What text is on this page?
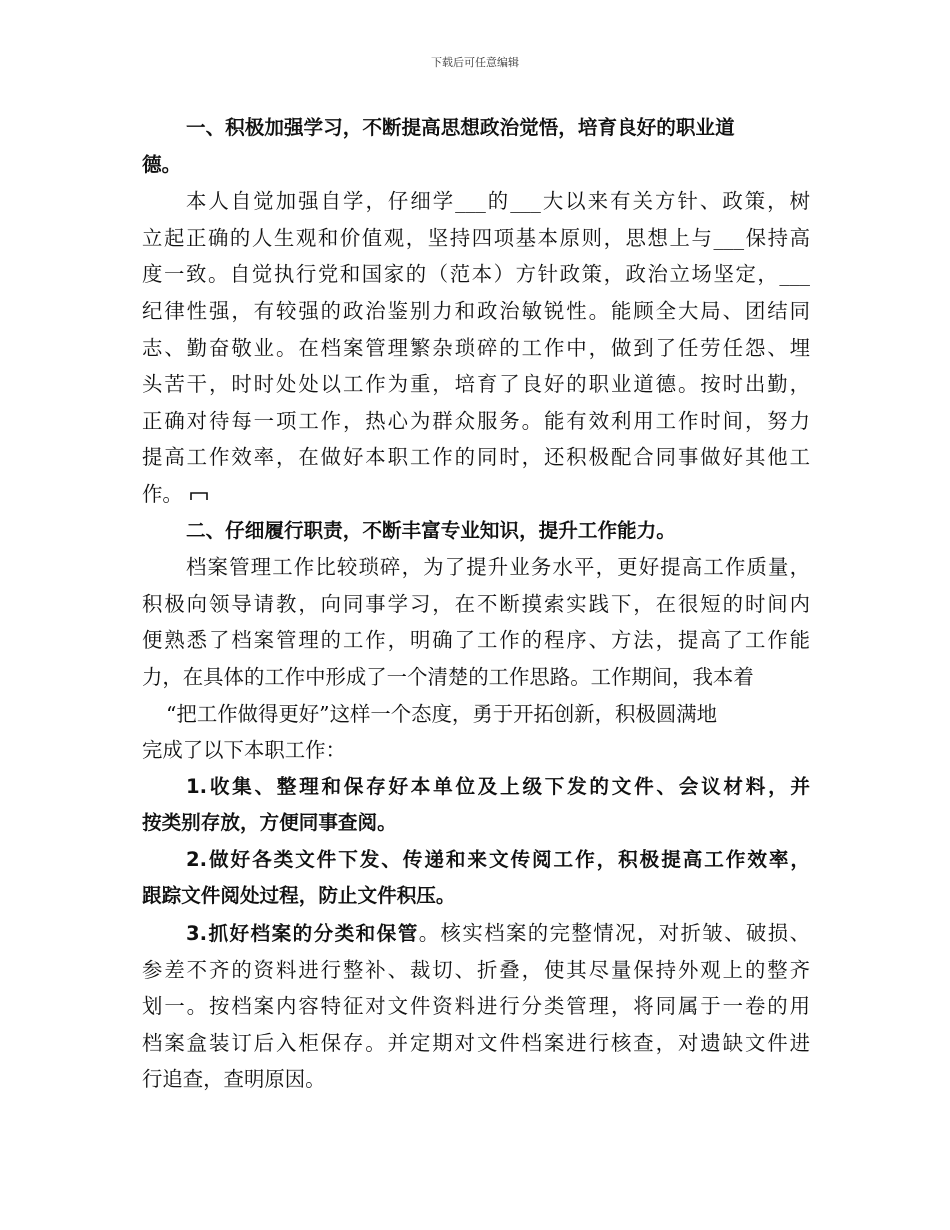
下载后可任意编辑
一、积极加强学习，不断提高思想政治觉悟，培育良好的职业道
德。
本人自觉加强自学，仔细学___的___大以来有关方针、政策，树
立起正确的人生观和价值观，坚持四项基本原则，思想上与___保持高
度一致。自觉执行党和国家的（范本）方针政策，政治立场坚定，___
纪律性强，有较强的政治鉴别力和政治敏锐性。能顾全大局、团结同
志、勤奋敬业。在档案管理繁杂琐碎的工作中，做到了任劳任怨、埋
头苦干，时时处处以工作为重，培育了良好的职业道德。按时出勤，
正确对待每一项工作，热心为群众服务。能有效利用工作时间，努力
提高工作效率，在做好本职工作的同时，还积极配合同事做好其他工
作。
二、仔细履行职责，不断丰富专业知识，提升工作能力。
档案管理工作比较琐碎，为了提升业务水平，更好提高工作质量，
积极向领导请教，向同事学习，在不断摸索实践下，在很短的时间内
便熟悉了档案管理的工作，明确了工作的程序、方法，提高了工作能
力，在具体的工作中形成了一个清楚的工作思路。工作期间，我本着
“把工作做得更好”这样一个态度，勇于开拓创新，积极圆满地
完成了以下本职工作：
1.收集、整理和保存好本单位及上级下发的文件、会议材料，并
按类别存放，方便同事查阅。
2.做好各类文件下发、传递和来文传阅工作，积极提高工作效率，
跟踪文件阅处过程，防止文件积压。
3.抓好档案的分类和保管。核实档案的完整情况，对折皱、破损、
参差不齐的资料进行整补、裁切、折叠，使其尽量保持外观上的整齐
划一。按档案内容特征对文件资料进行分类管理，将同属于一卷的用
档案盒装订后入柜保存。并定期对文件档案进行核查，对遗缺文件进
行追查，查明原因。
